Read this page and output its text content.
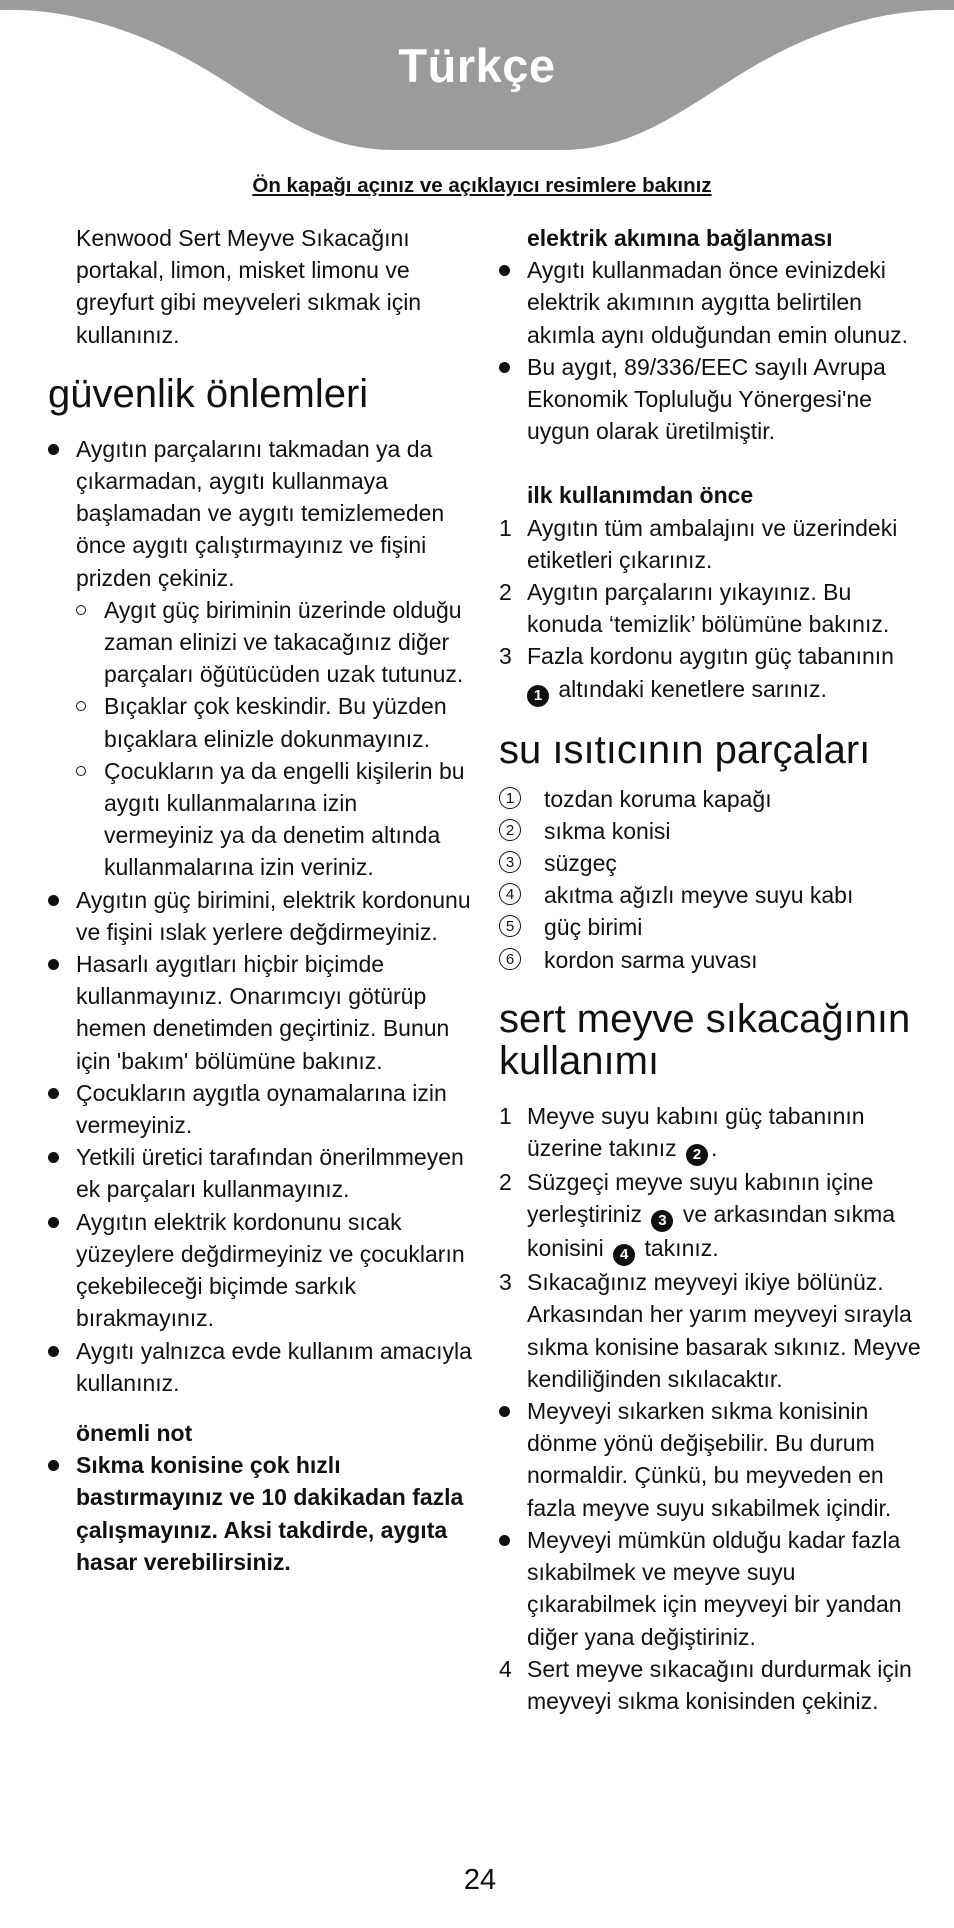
Türkçe
Ön kapağı açınız ve açıklayıcı resimlere bakınız

Kenwood Sert Meyve Sıkacağını portakal, limon, misket limonu ve greyfurt gibi meyveleri sıkmak için kullanınız.

güvenlik önlemleri
Aygıtın parçalarını takmadan ya da çıkarmadan, aygıtı kullanmaya başlamadan ve aygıtı temizlemeden önce aygıtı çalıştırmayınız ve fişini prizden çekiniz.
Aygıt güç biriminin üzerinde olduğu zaman elinizi ve takacağınız diğer parçaları öğütücüden uzak tutunuz.
Bıçaklar çok keskindir. Bu yüzden bıçaklara elinizle dokunmayınız.
Çocukların ya da engelli kişilerin bu aygıtı kullanmalarına izin vermeyiniz ya da denetim altında kullanmalarına izin veriniz.
Aygıtın güç birimini, elektrik kordonunu ve fişini ıslak yerlere değdirmeyiniz.
Hasarlı aygıtları hiçbir biçimde kullanmayınız. Onarımcıyı götürüp hemen denetimden geçirtiniz. Bunun için 'bakım' bölümüne bakınız.
Çocukların aygıtla oynamalarına izin vermeyiniz.
Yetkili üretici tarafından önerilmmeyen ek parçaları kullanmayınız.
Aygıtın elektrik kordonunu sıcak yüzeylere değdirmeyiniz ve çocukların çekebileceği biçimde sarkık bırakmayınız.
Aygıtı yalnızca evde kullanım amacıyla kullanınız.
önemli not
Sıkma konisine çok hızlı bastırmayınız ve 10 dakikadan fazla çalışmayınız. Aksi takdirde, aygıta hasar verebilirsiniz.
elektrik akımına bağlanması
Aygıtı kullanmadan önce evinizdeki elektrik akımının aygıtta belirtilen akımla aynı olduğundan emin olunuz.
Bu aygıt, 89/336/EEC sayılı Avrupa Ekonomik Topluluğu Yönergesi'ne uygun olarak üretilmiştir.
ilk kullanımdan önce
1 Aygıtın tüm ambalajını ve üzerindeki etiketleri çıkarınız.
2 Aygıtın parçalarını yıkayınız. Bu konuda ‘temizlik’ bölümüne bakınız.
3 Fazla kordonu aygıtın güç tabanının 1 altındaki kenetlere sarınız.
su ısıtıcının parçaları
1 tozdan koruma kapağı
2 sıkma konisi
3 süzgeç
4 akıtma ağızlı meyve suyu kabı
5 güç birimi
6 kordon sarma yuvası
sert meyve sıkacağının kullanımı
1 Meyve suyu kabını güç tabanının üzerine takınız 2 .
2 Süzgeçi meyve suyu kabının içine yerleştiriniz 3 ve arkasından sıkma konisini 4 takınız.
3 Sıkacağınız meyveyi ikiye bölünüz. Arkasından her yarım meyveyi sırayla sıkma konisine basarak sıkınız. Meyve kendiliğinden sıkılacaktır.
Meyveyi sıkarken sıkma konisinin dönme yönü değişebilir. Bu durum normaldir. Çünkü, bu meyveden en fazla meyve suyu sıkabilmek içindir.
Meyveyi mümkün olduğu kadar fazla sıkabilmek ve meyve suyu çıkarabilmek için meyveyi bir yandan diğer yana değiştiriniz.
4 Sert meyve sıkacağını durdurmak için meyveyi sıkma konisinden çekiniz.
24
